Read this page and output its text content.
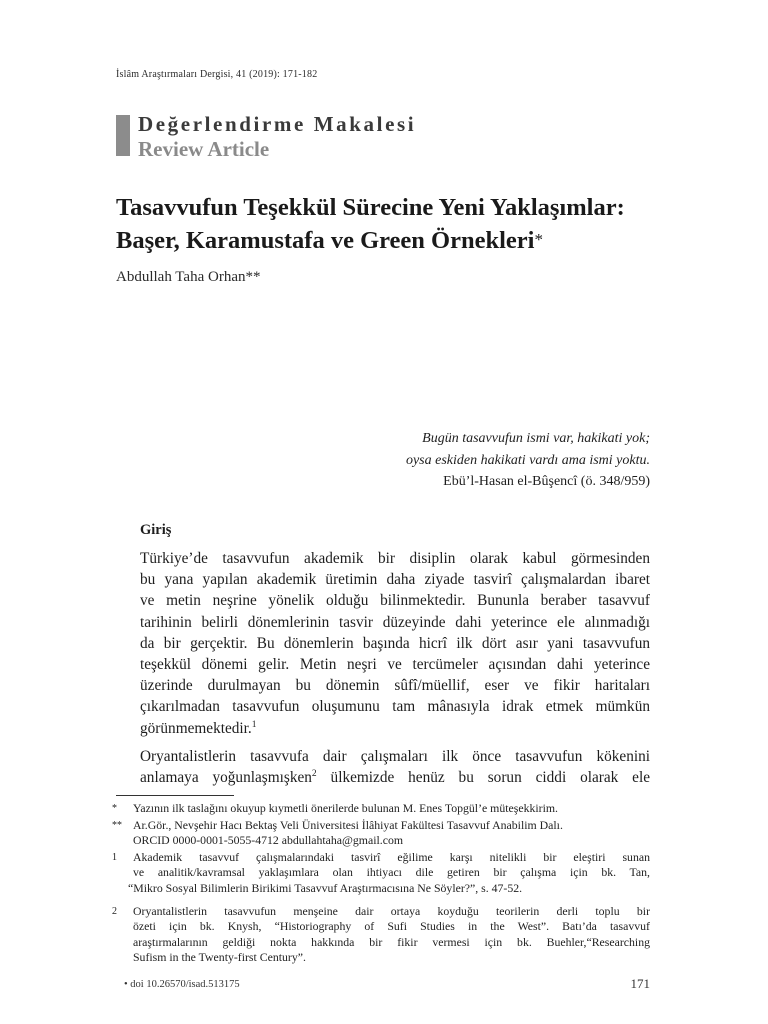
İslâm Araştırmaları Dergisi, 41 (2019): 171-182
Değerlendirme Makalesi
Review Article
Tasavvufun Teşekkül Sürecine Yeni Yaklaşımlar:
Başer, Karamustafa ve Green Örnekleri*
Abdullah Taha Orhan**
Bugün tasavvufun ismi var, hakikati yok;
oysa eskiden hakikati vardı ama ismi yoktu.
Ebü’l-Hasan el-Bûşencî (ö. 348/959)
Giriş
Türkiye’de tasavvufun akademik bir disiplin olarak kabul görmesinden
bu yana yapılan akademik üretimin daha ziyade tasvirî çalışmalardan ibaret
ve metin neşrine yönelik olduğu bilinmektedir. Bununla beraber tasavvuf
tarihinin belirli dönemlerinin tasvir düzeyinde dahi yeterince ele alınmadığı
da bir gerçektir. Bu dönemlerin başında hicrî ilk dört asır yani tasavvufun
teşekkül dönemi gelir. Metin neşri ve tercümeler açısından dahi yeterince
üzerinde durulmayan bu dönemin sûfî/müellif, eser ve fikir haritaları
çıkarılmadan tasavvufun oluşumunu tam mânasıyla idrak etmek mümkün
görünmemektedir.$^1$
Oryantalistlerin tasavvufa dair çalışmaları ilk önce tasavvufun kökenini
anlamaya yoğunlaşmışken$^2$ ülkemizde henüz bu sorun ciddi olarak ele
* Yazının ilk taslağını okuyup kıymetli önerilerde bulunan M. Enes Topgül’e müteşekkirim.
** Ar.Gör., Nevşehir Hacı Bektaş Veli Üniversitesi İlâhiyat Fakültesi Tasavvuf Anabilim Dalı.
ORCID 0000-0001-5055-4712 abdullahtaha@gmail.com
1 Akademik tasavvuf çalışmalarındaki tasvirî eğilime karşı nitelikli bir eleştiri sunan
ve analitik/kavramsal yaklaşımlara olan ihtiyacı dile getiren bir çalışma için bk. Tan,
“Mikro Sosyal Bilimlerin Birikimi Tasavvuf Araştırmacısına Ne Söyler?”, s. 47-52.
2 Oryantalistlerin tasavvufun menşeine dair ortaya koyduğu teorilerin derli toplu bir
özeti için bk. Knysh, “Historiography of Sufi Studies in the West”. Batı’da tasavvuf
araştırmalarının geldiği nokta hakkında bir fikir vermesi için bk. Buehler,“Researching
Sufism in the Twenty-first Century”.
• doi 10.26570/isad.513175	171
